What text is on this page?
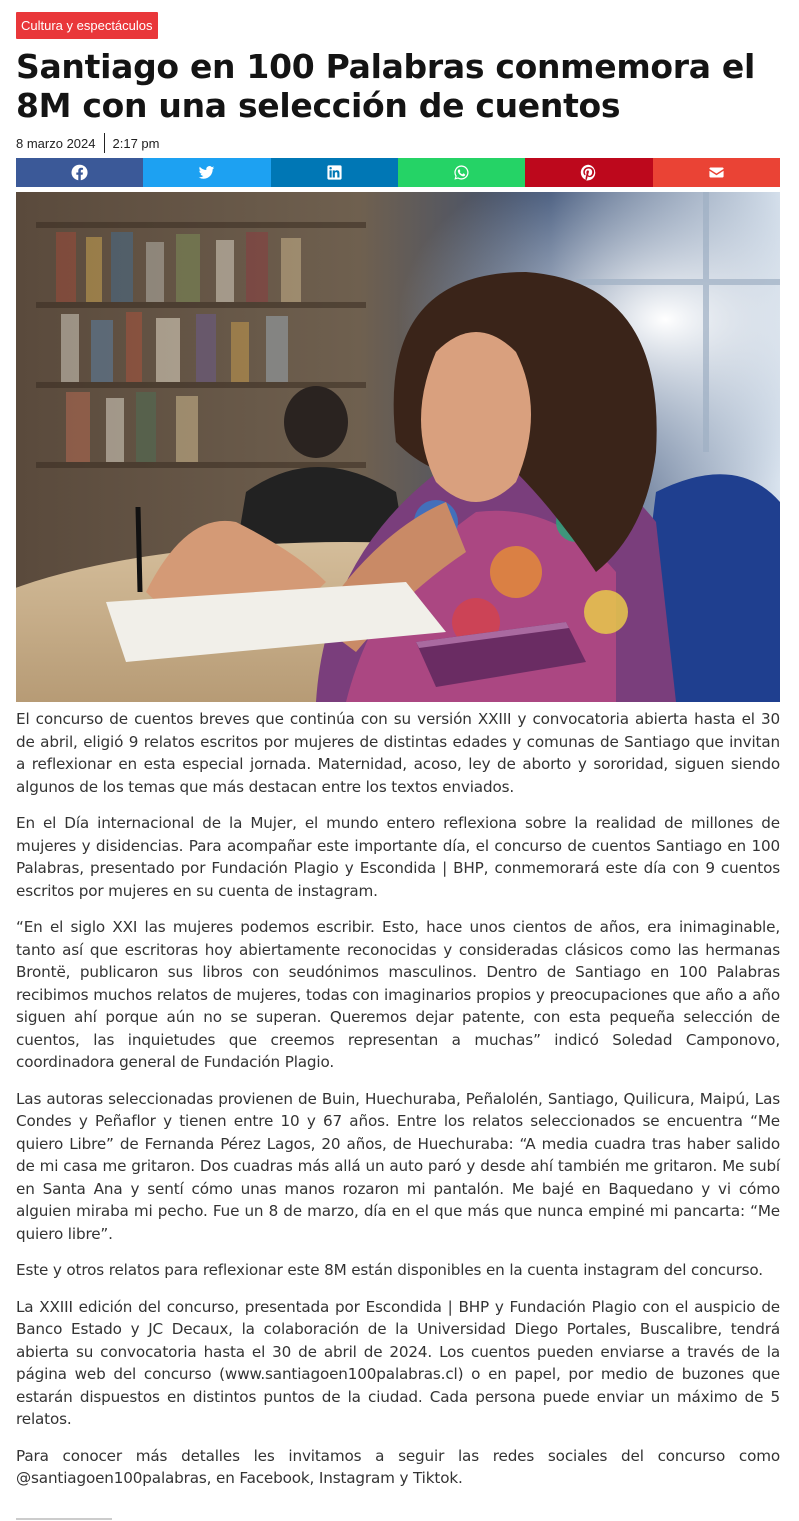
Cultura y espectáculos
Santiago en 100 Palabras conmemora el 8M con una selección de cuentos
8 marzo 2024 2:17 pm

El concurso de cuentos breves que continúa con su versión XXIII y convocatoria abierta hasta el 30 de abril, eligió 9 relatos escritos por mujeres de distintas edades y comunas de Santiago que invitan a reflexionar en esta especial jornada. Maternidad, acoso, ley de aborto y sororidad, siguen siendo algunos de los temas que más destacan entre los textos enviados.

En el Día internacional de la Mujer, el mundo entero reflexiona sobre la realidad de millones de mujeres y disidencias. Para acompañar este importante día, el concurso de cuentos Santiago en 100 Palabras, presentado por Fundación Plagio y Escondida | BHP, conmemorará este día con 9 cuentos escritos por mujeres en su cuenta de instagram.

“En el siglo XXI las mujeres podemos escribir. Esto, hace unos cientos de años, era inimaginable, tanto así que escritoras hoy abiertamente reconocidas y consideradas clásicos como las hermanas Brontë, publicaron sus libros con seudónimos masculinos. Dentro de Santiago en 100 Palabras recibimos muchos relatos de mujeres, todas con imaginarios propios y preocupaciones que año a año siguen ahí porque aún no se superan. Queremos dejar patente, con esta pequeña selección de cuentos, las inquietudes que creemos representan a muchas” indicó Soledad Camponovo, coordinadora general de Fundación Plagio.

Las autoras seleccionadas provienen de Buin, Huechuraba, Peñalolén, Santiago, Quilicura, Maipú, Las Condes y Peñaflor y tienen entre 10 y 67 años. Entre los relatos seleccionados se encuentra “Me quiero Libre” de Fernanda Pérez Lagos, 20 años, de Huechuraba: “A media cuadra tras haber salido de mi casa me gritaron. Dos cuadras más allá un auto paró y desde ahí también me gritaron. Me subí en Santa Ana y sentí cómo unas manos rozaron mi pantalón. Me bajé en Baquedano y vi cómo alguien miraba mi pecho. Fue un 8 de marzo, día en el que más que nunca empiné mi pancarta: “Me quiero libre”.

Este y otros relatos para reflexionar este 8M están disponibles en la cuenta instagram del concurso.

La XXIII edición del concurso, presentada por Escondida | BHP y Fundación Plagio con el auspicio de Banco Estado y JC Decaux, la colaboración de la Universidad Diego Portales, Buscalibre, tendrá abierta su convocatoria hasta el 30 de abril de 2024. Los cuentos pueden enviarse a través de la página web del concurso (www.santiagoen100palabras.cl) o en papel, por medio de buzones que estarán dispuestos en distintos puntos de la ciudad. Cada persona puede enviar un máximo de 5 relatos.

Para conocer más detalles les invitamos a seguir las redes sociales del concurso como @santiagoen100palabras, en Facebook, Instagram y Tiktok.
